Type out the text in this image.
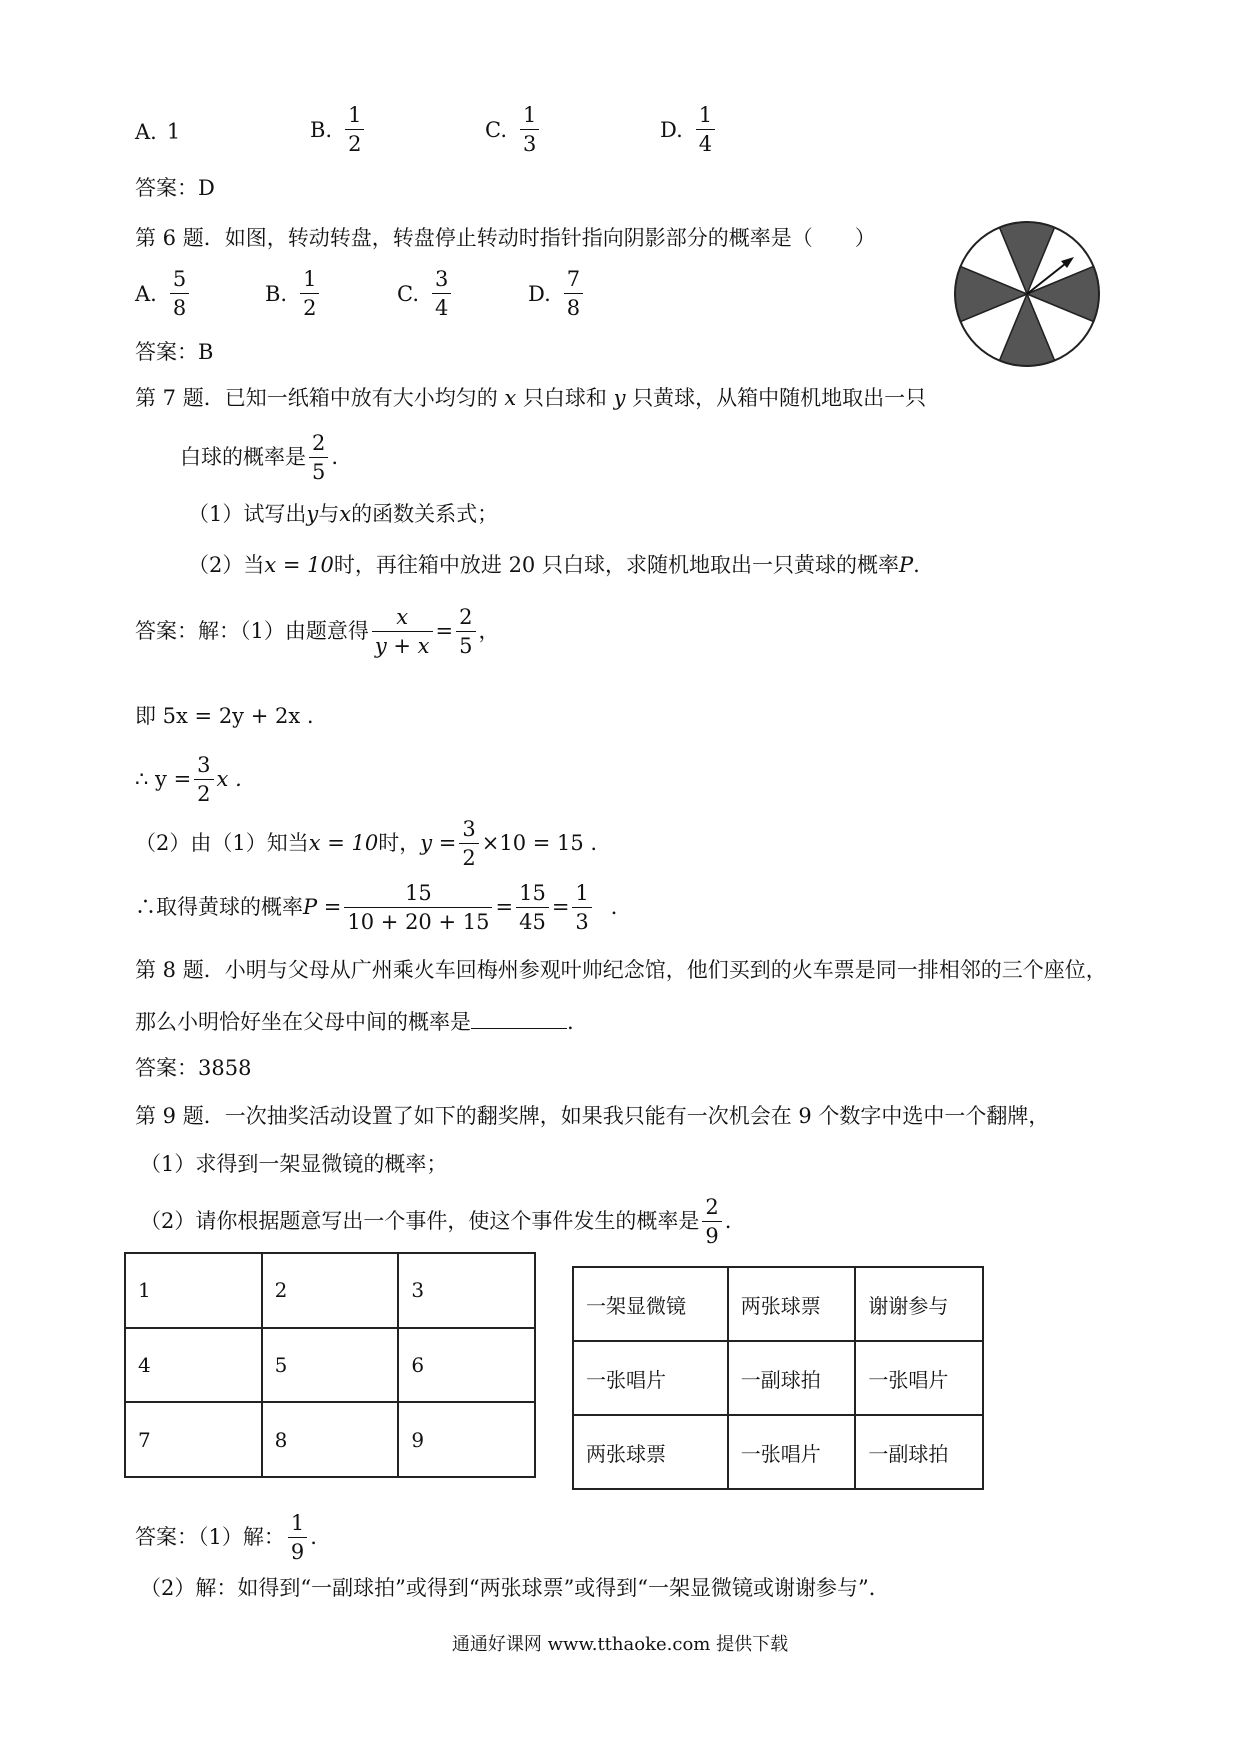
A. 1	B. $\frac{1}{2}$	C. $\frac{1}{3}$	D. $\frac{1}{4}$
答案：D
第 6 题．如图，转动转盘，转盘停止转动时指针指向阴影部分的概率是（　　）
A. $\frac{5}{8}$	B. $\frac{1}{2}$	C. $\frac{3}{4}$	D. $\frac{7}{8}$
答案：B
第 7 题．已知一纸箱中放有大小均匀的 x 只白球和 y 只黄球，从箱中随机地取出一只
白球的概率是 $\frac{2}{5}$ .
（1）试写出y与x的函数关系式；
（2）当x = 10时，再往箱中放进 20 只白球，求随机地取出一只黄球的概率P.
答案：解：（1）由题意得 $\frac{x}{y + x} = \frac{2}{5}$ ，
即 5x = 2y + 2x .
∴ $y = \frac{3}{2}$ x .
（2）由（1）知当x = 10时，$y = \frac{3}{2} \times 10 = 15$ .
∴取得黄球的概率$P = \frac{15}{10 + 20 + 15} = \frac{15}{45} = \frac{1}{3}$ ．
第 8 题．小明与父母从广州乘火车回梅州参观叶帅纪念馆，他们买到的火车票是同一排相邻的三个座位，
那么小明恰好坐在父母中间的概率是	.
答案：3858
第 9 题．一次抽奖活动设置了如下的翻奖牌，如果我只能有一次机会在 9 个数字中选中一个翻牌，
（1）求得到一架显微镜的概率；
（2）请你根据题意写出一个事件，使这个事件发生的概率是 $\frac{2}{9}$ .
1	2	3
4	5	6
7	8	9
一架显微镜	两张球票	谢谢参与
一张唱片	一副球拍	一张唱片
两张球票	一张唱片	一副球拍
答案：（1）解： $\frac{1}{9}$ .
（2）解：如得到“一副球拍”或得到“两张球票”或得到“一架显微镜或谢谢参与”．
通通好课网 www.tthaoke.com 提供下载
